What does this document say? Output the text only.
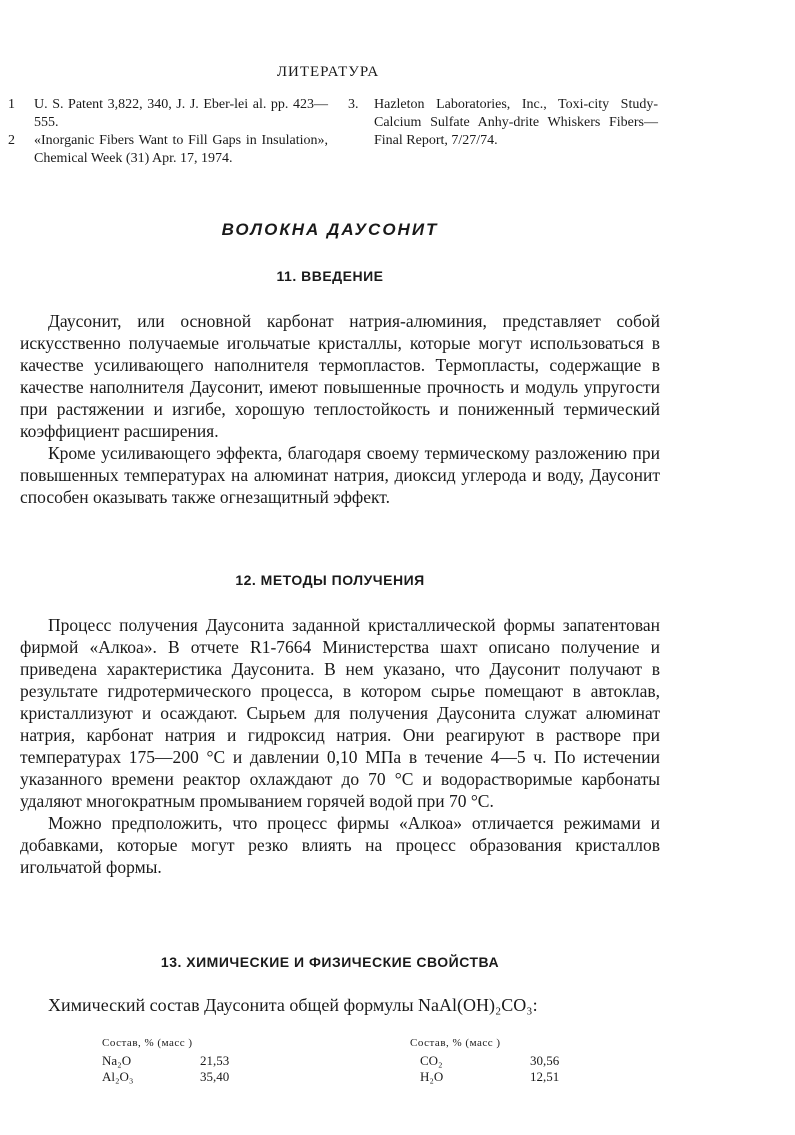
ЛИТЕРАТУРА
1	U. S. Patent 3,822, 340, J. J. Eber-lei al. pp. 423—555.
2	«Inorganic Fibers Want to Fill Gaps in Insulation», Chemical Week (31) Apr. 17, 1974.
3.	Hazleton Laboratories, Inc., Toxi-city Study-Calcium Sulfate Anhy-drite Whiskers Fibers—Final Report, 7/27/74.
ВОЛОКНА ДАУСОНИТ
11. ВВЕДЕНИЕ

Даусонит, или основной карбонат натрия-алюминия, представляет собой искусственно получаемые игольчатые кристаллы, которые могут использоваться в качестве усиливающего наполнителя термопластов. Термопласты, содержащие в качестве наполнителя Даусонит, имеют повышенные прочность и модуль упругости при растяжении и изгибе, хорошую теплостойкость и пониженный термический коэффициент расширения.

Кроме усиливающего эффекта, благодаря своему термическому разложению при повышенных температурах на алюминат натрия, диоксид углерода и воду, Даусонит способен оказывать также огнезащитный эффект.

12. МЕТОДЫ ПОЛУЧЕНИЯ

Процесс получения Даусонита заданной кристаллической формы запатентован фирмой «Алкоа». В отчете R1-7664 Министерства шахт описано получение и приведена характеристика Даусонита. В нем указано, что Даусонит получают в результате гидротермического процесса, в котором сырье помещают в автоклав, кристаллизуют и осаждают. Сырьем для получения Даусонита служат алюминат натрия, карбонат натрия и гидроксид натрия. Они реагируют в растворе при температурах 175—200 °С и давлении 0,10 МПа в течение 4—5 ч. По истечении указанного времени реактор охлаждают до 70 °С и водорастворимые карбонаты удаляют многократным промыванием горячей водой при 70 °С.

Можно предположить, что процесс фирмы «Алкоа» отличается режимами и добавками, которые могут резко влиять на процесс образования кристаллов игольчатой формы.

13. ХИМИЧЕСКИЕ И ФИЗИЧЕСКИЕ СВОЙСТВА
Химический состав Даусонита общей формулы NaAl(OH)₂CO₃:
Состав, % (масс )
Na₂O	21,53
Al₂O₃	35,40
Состав, % (масс )
CO₂	30,56
H₂O	12,51
